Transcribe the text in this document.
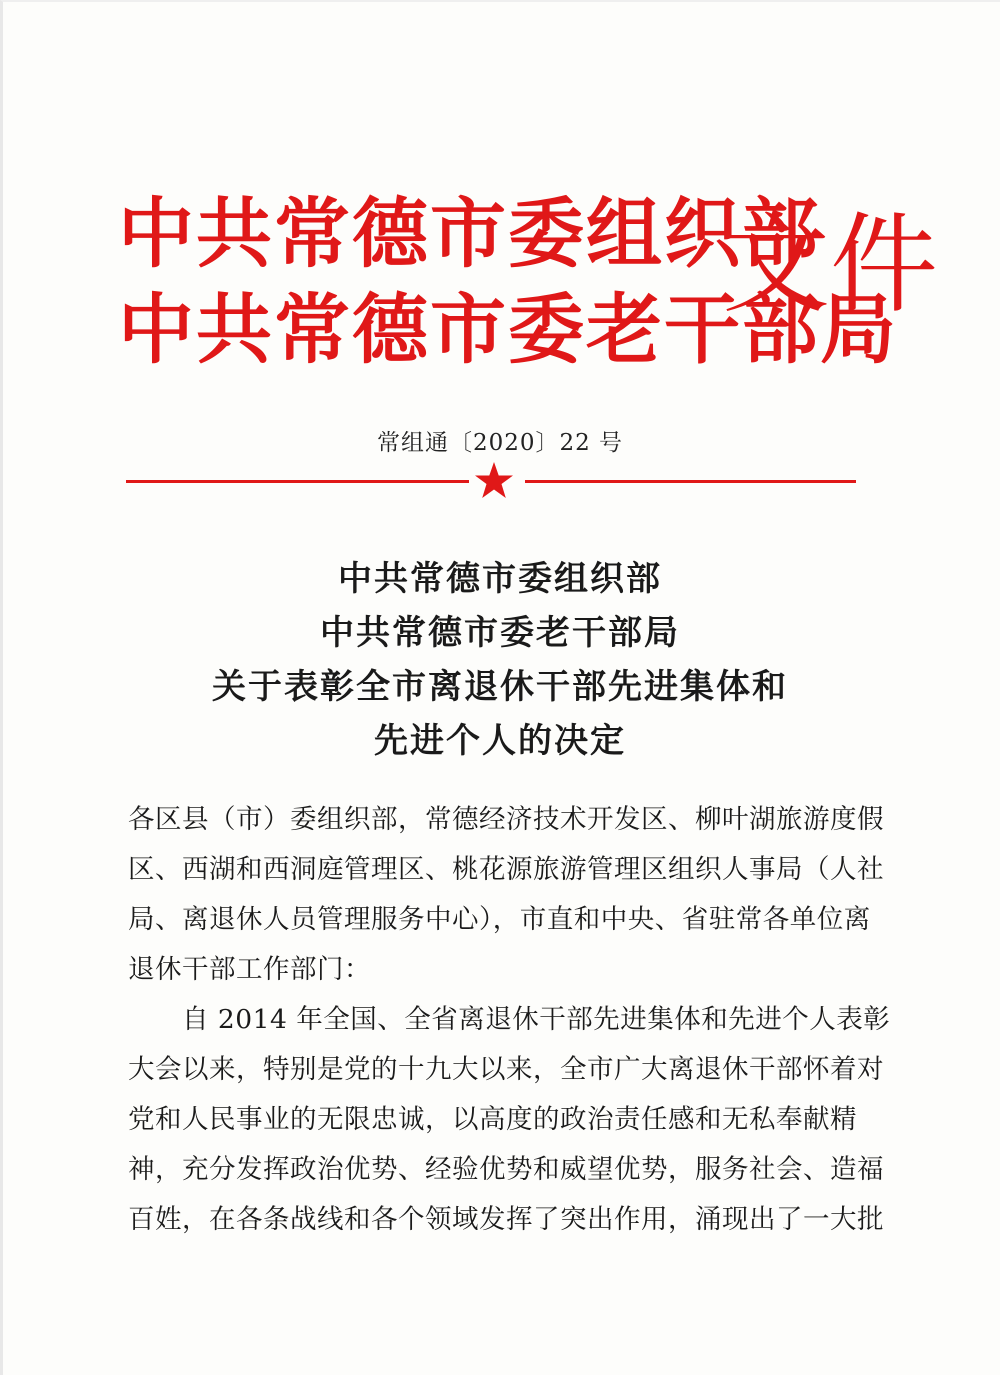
中共常德市委组织部
中共常德市委老干部局
文件
常组通〔2020〕22 号
中共常德市委组织部
中共常德市委老干部局
关于表彰全市离退休干部先进集体和
先进个人的决定
各区县（市）委组织部，常德经济技术开发区、柳叶湖旅游度假
区、西湖和西洞庭管理区、桃花源旅游管理区组织人事局（人社
局、离退休人员管理服务中心），市直和中央、省驻常各单位离
退休干部工作部门：
自 2014 年全国、全省离退休干部先进集体和先进个人表彰
大会以来，特别是党的十九大以来，全市广大离退休干部怀着对
党和人民事业的无限忠诚，以高度的政治责任感和无私奉献精
神，充分发挥政治优势、经验优势和威望优势，服务社会、造福
百姓，在各条战线和各个领域发挥了突出作用，涌现出了一大批
